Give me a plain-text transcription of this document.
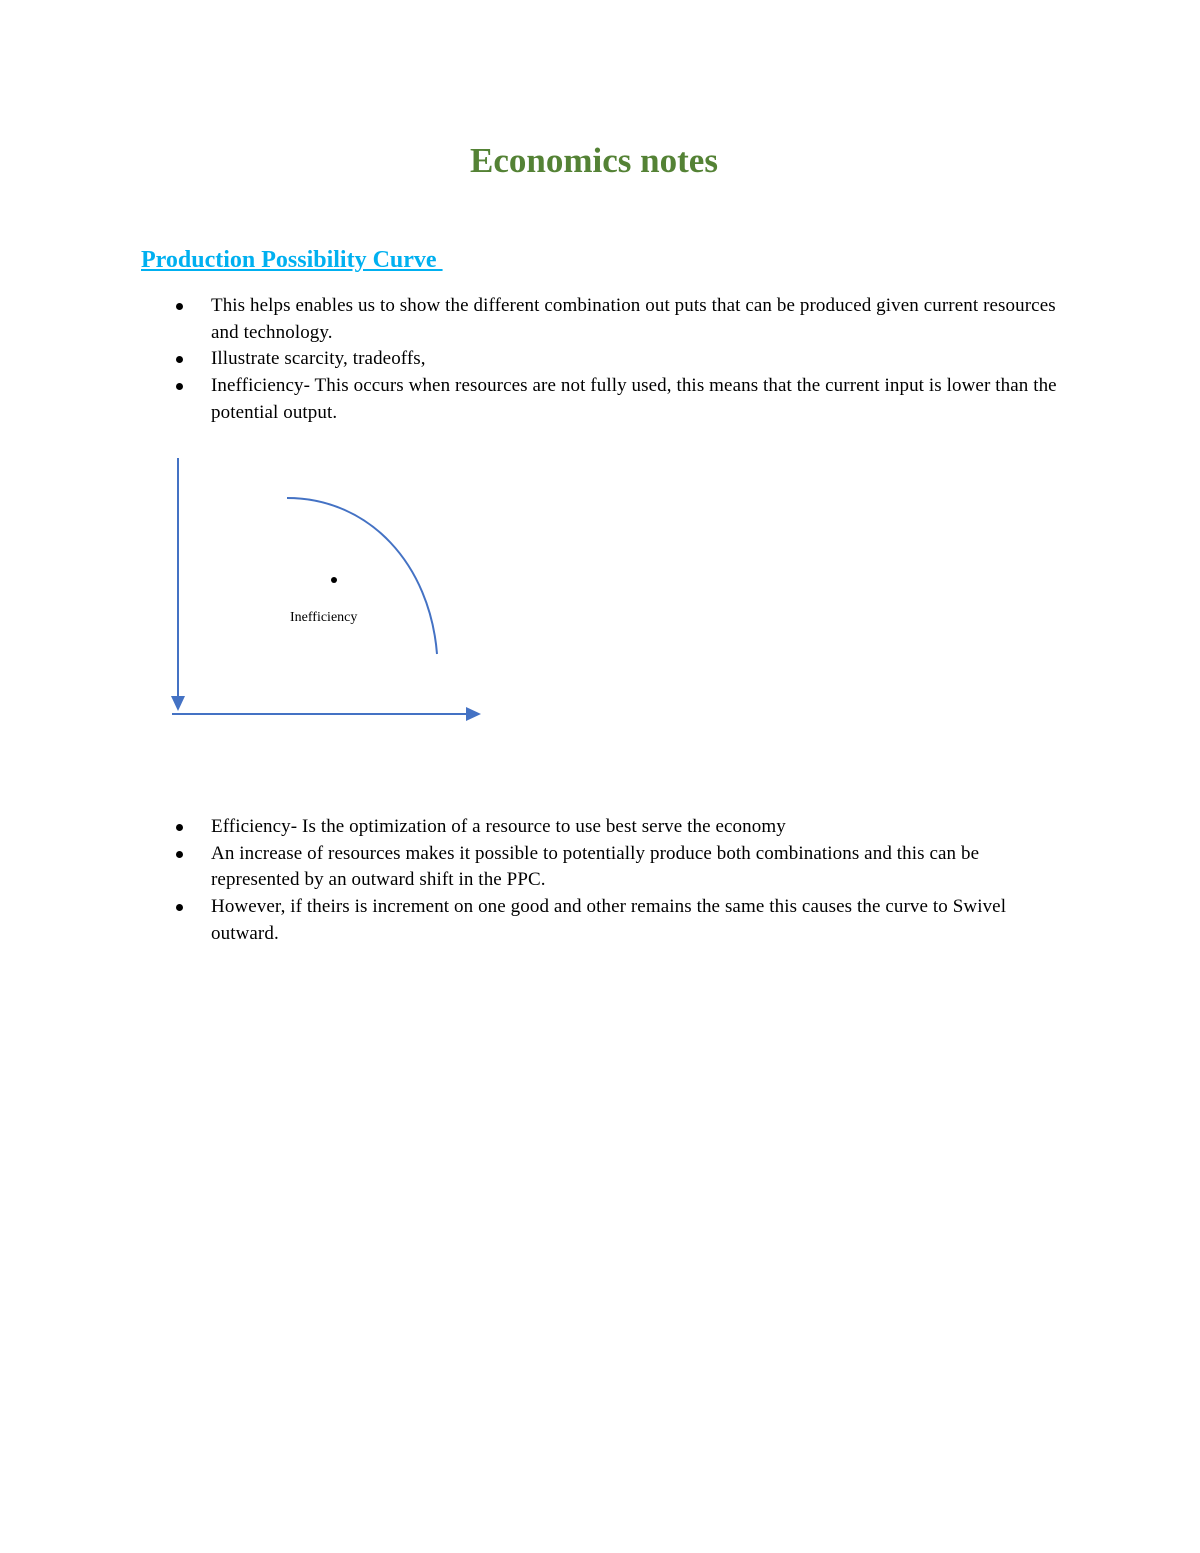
Economics notes
Production Possibility Curve
This helps enables us to show the different combination out puts that can be produced given current resources and technology.
Illustrate scarcity, tradeoffs,
Inefficiency- This occurs when resources are not fully used, this means that the current input is lower than the potential output.
Inefficiency
Efficiency- Is the optimization of a resource to use best serve the economy
An increase of resources makes it possible to potentially produce both combinations and this can be represented by an outward shift in the PPC.
However, if theirs is increment on one good and other remains the same this causes the curve to Swivel outward.
